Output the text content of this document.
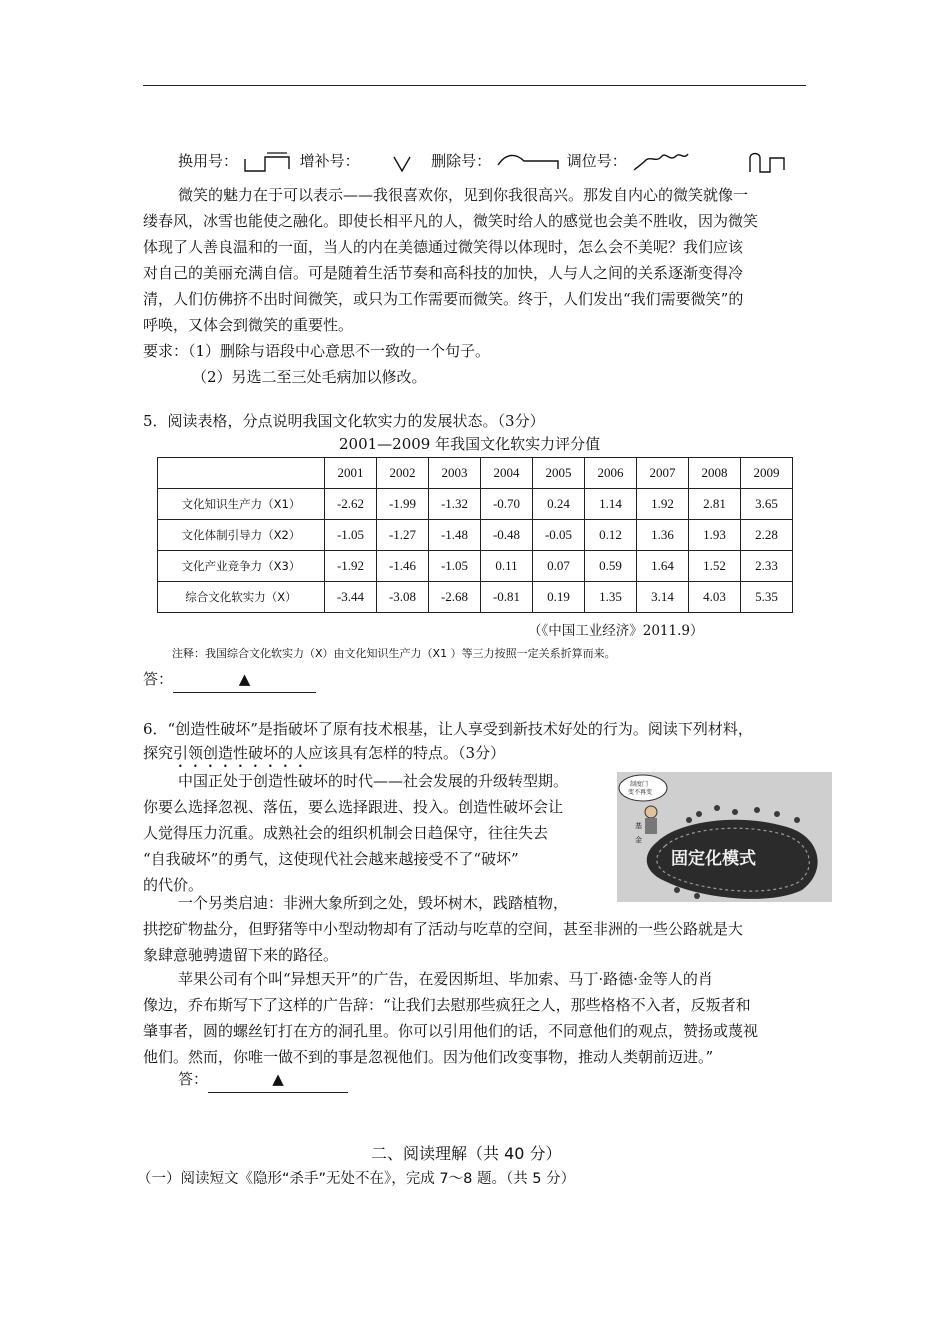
换用号：	增补号：	删除号：	调位号：
微笑的魅力在于可以表示——我很喜欢你，见到你我很高兴。那发自内心的微笑就像一
缕春风，冰雪也能使之融化。即使长相平凡的人，微笑时给人的感觉也会美不胜收，因为微笑
体现了人善良温和的一面，当人的内在美德通过微笑得以体现时，怎么会不美呢？我们应该
对自己的美丽充满自信。可是随着生活节奏和高科技的加快，人与人之间的关系逐渐变得冷
清，人们仿佛挤不出时间微笑，或只为工作需要而微笑。终于，人们发出“我们需要微笑”的
呼唤，又体会到微笑的重要性。
要求：（1）删除与语段中心意思不一致的一个句子。
（2）另选二至三处毛病加以修改。
5．阅读表格，分点说明我国文化软实力的发展状态。（3分）
2001—2009 年我国文化软实力评分值
	2001	2002	2003	2004	2005	2006	2007	2008	2009
文化知识生产力（X1）	-2.62	-1.99	-1.32	-0.70	0.24	1.14	1.92	2.81	3.65
文化体制引导力（X2）	-1.05	-1.27	-1.48	-0.48	-0.05	0.12	1.36	1.93	2.28
文化产业竞争力（X3）	-1.92	-1.46	-1.05	0.11	0.07	0.59	1.64	1.52	2.33
综合文化软实力（X）	-3.44	-3.08	-2.68	-0.81	0.19	1.35	3.14	4.03	5.35
（《中国工业经济》2011.9）
注释：我国综合文化软实力（X）由文化知识生产力（X1 ）等三力按照一定关系折算而来。
答：	▲
6．“创造性破坏”是指破坏了原有技术根基，让人享受到新技术好处的行为。阅读下列材料，
探究引领创造性破坏的人应该具有怎样的特点。（3分）
中国正处于创造性破坏的时代——社会发展的升级转型期。
你要么选择忽视、落伍，要么选择跟进、投入。创造性破坏会让
人觉得压力沉重。成熟社会的组织机制会日趋保守，往往失去
“自我破坏”的勇气，这使现代社会越来越接受不了“破坏”
的代价。
一个另类启迪：非洲大象所到之处，毁坏树木，践踏植物，
拱挖矿物盐分，但野猪等中小型动物却有了活动与吃草的空间，甚至非洲的一些公路就是大
象肆意驰骋遗留下来的路径。
苹果公司有个叫“异想天开”的广告，在爱因斯坦、毕加索、马丁·路德·金等人的肖
像边，乔布斯写下了这样的广告辞：“让我们去慰那些疯狂之人，那些格格不入者，反叛者和
肇事者，圆的螺丝钉打在方的洞孔里。你可以引用他们的话，不同意他们的观点，赞扬或蔑视
他们。然而，你唯一做不到的事是忽视他们。因为他们改变事物，推动人类朝前迈进。”
制度门
变不再变
基
金
固定化模式
答：	▲
二、阅读理解（共 40 分）
（一）阅读短文《隐形“杀手”无处不在》，完成 7～8 题。（共 5 分）
